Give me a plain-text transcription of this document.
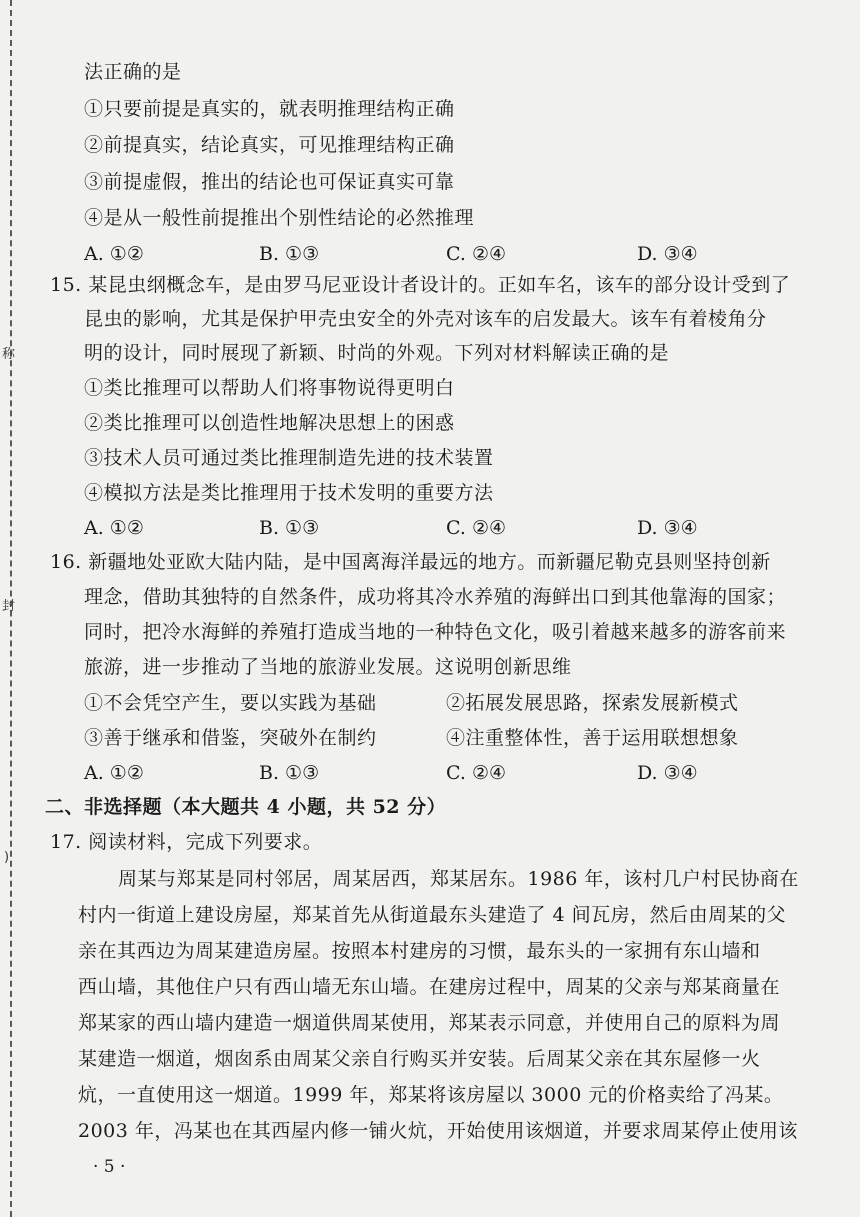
称
封
)
法正确的是
①只要前提是真实的，就表明推理结构正确
②前提真实，结论真实，可见推理结构正确
③前提虚假，推出的结论也可保证真实可靠
④是从一般性前提推出个别性结论的必然推理
A. ①②	B. ①③	C. ②④	D. ③④
15. 某昆虫纲概念车，是由罗马尼亚设计者设计的。正如车名，该车的部分设计受到了
昆虫的影响，尤其是保护甲壳虫安全的外壳对该车的启发最大。该车有着棱角分
明的设计，同时展现了新颖、时尚的外观。下列对材料解读正确的是
①类比推理可以帮助人们将事物说得更明白
②类比推理可以创造性地解决思想上的困惑
③技术人员可通过类比推理制造先进的技术装置
④模拟方法是类比推理用于技术发明的重要方法
A. ①②	B. ①③	C. ②④	D. ③④
16. 新疆地处亚欧大陆内陆，是中国离海洋最远的地方。而新疆尼勒克县则坚持创新
理念，借助其独特的自然条件，成功将其冷水养殖的海鲜出口到其他靠海的国家；
同时，把冷水海鲜的养殖打造成当地的一种特色文化，吸引着越来越多的游客前来
旅游，进一步推动了当地的旅游业发展。这说明创新思维
①不会凭空产生，要以实践为基础	②拓展发展思路，探索发展新模式
③善于继承和借鉴，突破外在制约	④注重整体性，善于运用联想想象
A. ①②	B. ①③	C. ②④	D. ③④
二、非选择题（本大题共 4 小题，共 52 分）
17. 阅读材料，完成下列要求。
周某与郑某是同村邻居，周某居西，郑某居东。1986 年，该村几户村民协商在
村内一街道上建设房屋，郑某首先从街道最东头建造了 4 间瓦房，然后由周某的父
亲在其西边为周某建造房屋。按照本村建房的习惯，最东头的一家拥有东山墙和
西山墙，其他住户只有西山墙无东山墙。在建房过程中，周某的父亲与郑某商量在
郑某家的西山墙内建造一烟道供周某使用，郑某表示同意，并使用自己的原料为周
某建造一烟道，烟囱系由周某父亲自行购买并安装。后周某父亲在其东屋修一火
炕，一直使用这一烟道。1999 年，郑某将该房屋以 3000 元的价格卖给了冯某。
2003 年，冯某也在其西屋内修一铺火炕，开始使用该烟道，并要求周某停止使用该
· 5 ·
